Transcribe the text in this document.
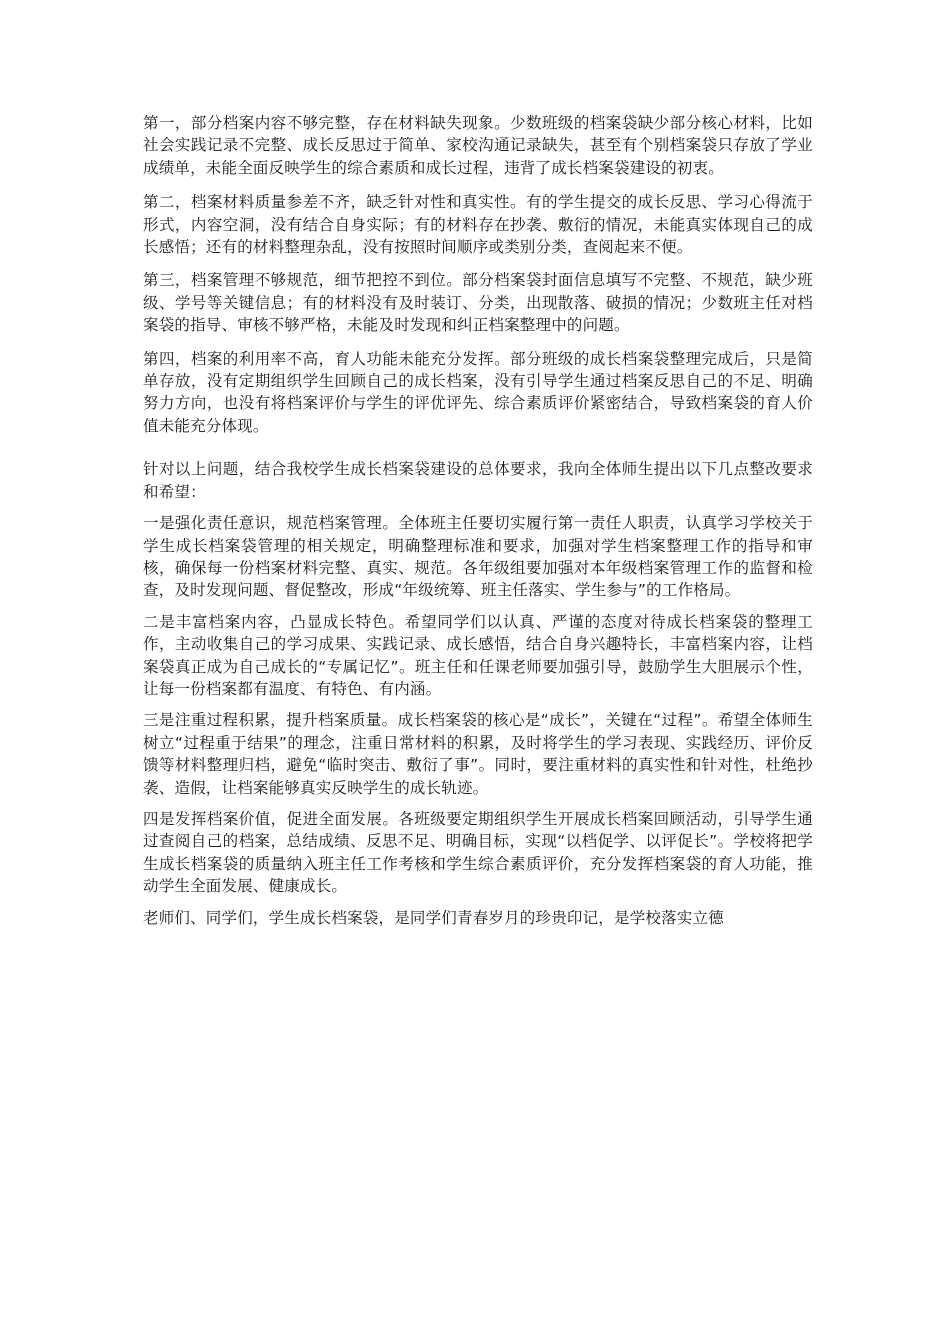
第一，部分档案内容不够完整，存在材料缺失现象。少数班级的档案袋缺少部分核心材料，比如社会实践记录不完整、成长反思过于简单、家校沟通记录缺失，甚至有个别档案袋只存放了学业成绩单，未能全面反映学生的综合素质和成长过程，违背了成长档案袋建设的初衷。

第二，档案材料质量参差不齐，缺乏针对性和真实性。有的学生提交的成长反思、学习心得流于形式，内容空洞，没有结合自身实际；有的材料存在抄袭、敷衍的情况，未能真实体现自己的成长感悟；还有的材料整理杂乱，没有按照时间顺序或类别分类，查阅起来不便。

第三，档案管理不够规范，细节把控不到位。部分档案袋封面信息填写不完整、不规范，缺少班级、学号等关键信息；有的材料没有及时装订、分类，出现散落、破损的情况；少数班主任对档案袋的指导、审核不够严格，未能及时发现和纠正档案整理中的问题。

第四，档案的利用率不高，育人功能未能充分发挥。部分班级的成长档案袋整理完成后，只是简单存放，没有定期组织学生回顾自己的成长档案，没有引导学生通过档案反思自己的不足、明确努力方向，也没有将档案评价与学生的评优评先、综合素质评价紧密结合，导致档案袋的育人价值未能充分体现。

针对以上问题，结合我校学生成长档案袋建设的总体要求，我向全体师生提出以下几点整改要求和希望：

一是强化责任意识，规范档案管理。全体班主任要切实履行第一责任人职责，认真学习学校关于学生成长档案袋管理的相关规定，明确整理标准和要求，加强对学生档案整理工作的指导和审核，确保每一份档案材料完整、真实、规范。各年级组要加强对本年级档案管理工作的监督和检查，及时发现问题、督促整改，形成“年级统筹、班主任落实、学生参与”的工作格局。

二是丰富档案内容，凸显成长特色。希望同学们以认真、严谨的态度对待成长档案袋的整理工作，主动收集自己的学习成果、实践记录、成长感悟，结合自身兴趣特长，丰富档案内容，让档案袋真正成为自己成长的“专属记忆”。班主任和任课老师要加强引导，鼓励学生大胆展示个性，让每一份档案都有温度、有特色、有内涵。

三是注重过程积累，提升档案质量。成长档案袋的核心是“成长”，关键在“过程”。希望全体师生树立“过程重于结果”的理念，注重日常材料的积累，及时将学生的学习表现、实践经历、评价反馈等材料整理归档，避免“临时突击、敷衍了事”。同时，要注重材料的真实性和针对性，杜绝抄袭、造假，让档案能够真实反映学生的成长轨迹。

四是发挥档案价值，促进全面发展。各班级要定期组织学生开展成长档案回顾活动，引导学生通过查阅自己的档案，总结成绩、反思不足、明确目标，实现“以档促学、以评促长”。学校将把学生成长档案袋的质量纳入班主任工作考核和学生综合素质评价，充分发挥档案袋的育人功能，推动学生全面发展、健康成长。

老师们、同学们，学生成长档案袋，是同学们青春岁月的珍贵印记，是学校落实立德
